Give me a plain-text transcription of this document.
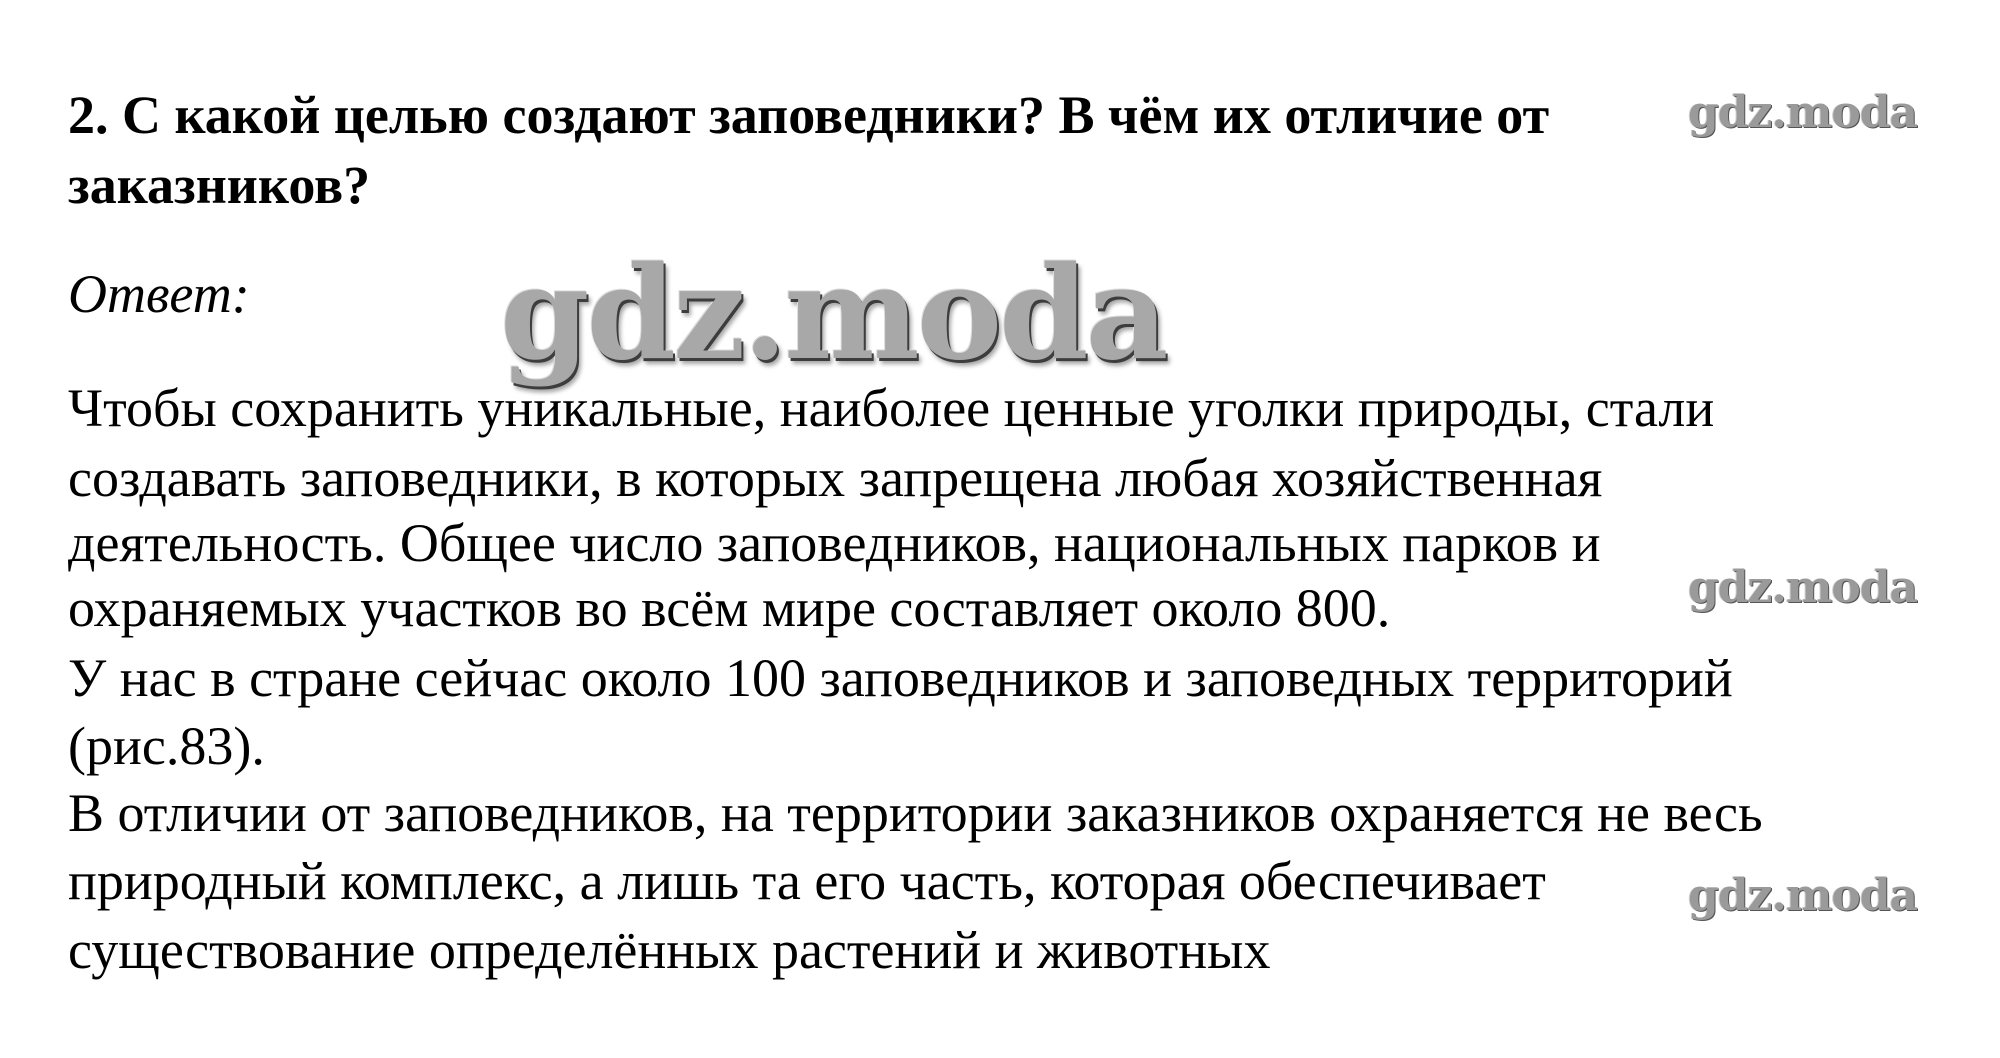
2. С какой целью создают заповедники? В чём их отличие от
заказников?
Ответ:
Чтобы сохранить уникальные, наиболее ценные уголки природы, стали
создавать заповедники, в которых запрещена любая хозяйственная
деятельность. Общее число заповедников, национальных парков и
охраняемых участков во всём мире составляет около 800.
У нас в стране сейчас около 100 заповедников и заповедных территорий
(рис.83).
В отличии от заповедников, на территории заказников охраняется не весь
природный комплекс, а лишь та его часть, которая обеспечивает
существование определённых растений и животных
gdz.moda
gdz.moda
gdz.moda
gdz.moda
